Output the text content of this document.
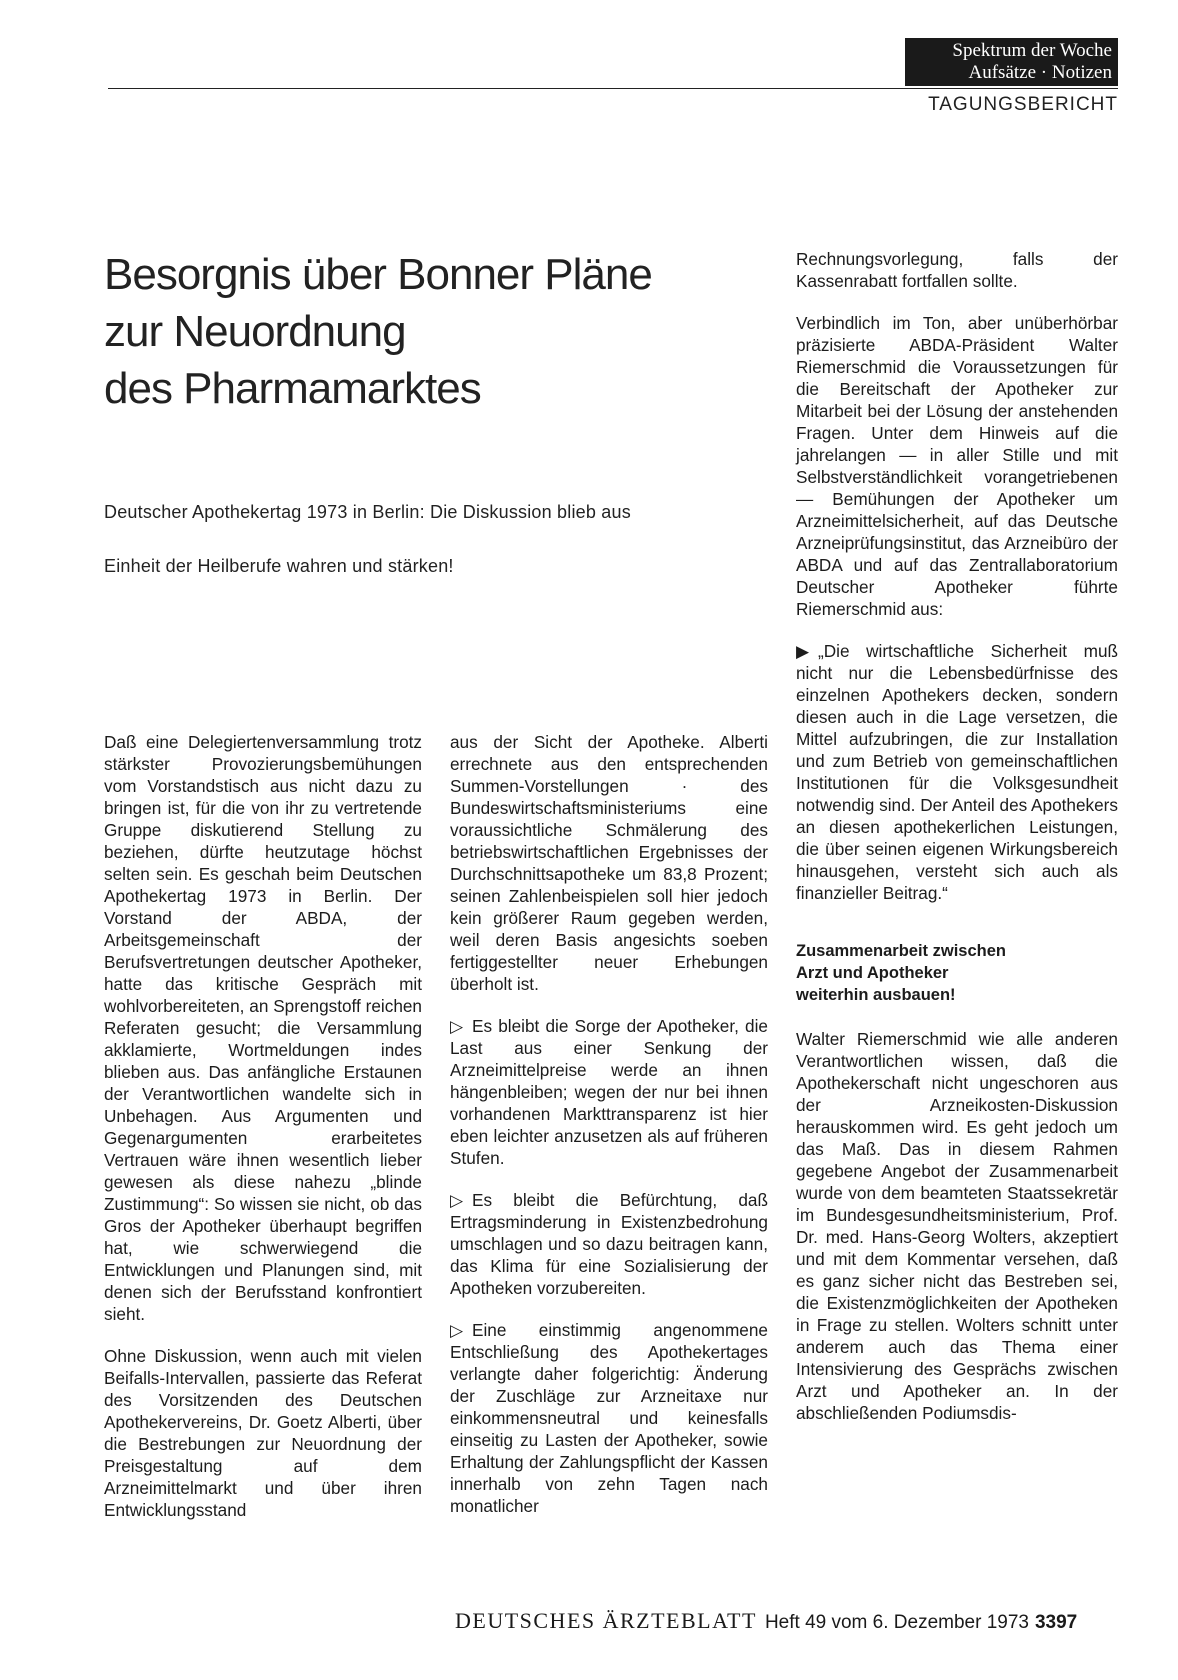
Spektrum der Woche
Aufsätze · Notizen
TAGUNGSBERICHT
Besorgnis über Bonner Pläne
zur Neuordnung
des Pharmamarktes
Deutscher Apothekertag 1973 in Berlin: Die Diskussion blieb aus
Einheit der Heilberufe wahren und stärken!

Daß eine Delegiertenversammlung trotz stärkster Provozierungsbemühungen vom Vorstandstisch aus nicht dazu zu bringen ist, für die von ihr zu vertretende Gruppe diskutierend Stellung zu beziehen, dürfte heutzutage höchst selten sein. Es geschah beim Deutschen Apothekertag 1973 in Berlin. Der Vorstand der ABDA, der Arbeitsgemeinschaft der Berufsvertretungen deutscher Apotheker, hatte das kritische Gespräch mit wohlvorbereiteten, an Sprengstoff reichen Referaten gesucht; die Versammlung akklamierte, Wortmeldungen indes blieben aus. Das anfängliche Erstaunen der Verantwortlichen wandelte sich in Unbehagen. Aus Argumenten und Gegenargumenten erarbeitetes Vertrauen wäre ihnen wesentlich lieber gewesen als diese nahezu „blinde Zustimmung“: So wissen sie nicht, ob das Gros der Apotheker überhaupt begriffen hat, wie schwerwiegend die Entwicklungen und Planungen sind, mit denen sich der Berufsstand konfrontiert sieht.

Ohne Diskussion, wenn auch mit vielen Beifalls-Intervallen, passierte das Referat des Vorsitzenden des Deutschen Apothekervereins, Dr. Goetz Alberti, über die Bestrebungen zur Neuordnung der Preisgestaltung auf dem Arzneimittelmarkt und über ihren Entwicklungsstand

aus der Sicht der Apotheke. Alberti errechnete aus den entsprechenden Summen-Vorstellungen · des Bundeswirtschaftsministeriums eine voraussichtliche Schmälerung des betriebswirtschaftlichen Ergebnisses der Durchschnittsapotheke um 83,8 Prozent; seinen Zahlenbeispielen soll hier jedoch kein größerer Raum gegeben werden, weil deren Basis angesichts soeben fertiggestellter neuer Erhebungen überholt ist.

▷ Es bleibt die Sorge der Apotheker, die Last aus einer Senkung der Arzneimittelpreise werde an ihnen hängenbleiben; wegen der nur bei ihnen vorhandenen Markttransparenz ist hier eben leichter anzusetzen als auf früheren Stufen.

▷ Es bleibt die Befürchtung, daß Ertragsminderung in Existenzbedrohung umschlagen und so dazu beitragen kann, das Klima für eine Sozialisierung der Apotheken vorzubereiten.

▷ Eine einstimmig angenommene Entschließung des Apothekertages verlangte daher folgerichtig: Änderung der Zuschläge zur Arzneitaxe nur einkommensneutral und keinesfalls einseitig zu Lasten der Apotheker, sowie Erhaltung der Zahlungspflicht der Kassen innerhalb von zehn Tagen nach monatlicher

Rechnungsvorlegung, falls der Kassenrabatt fortfallen sollte.

Verbindlich im Ton, aber unüberhörbar präzisierte ABDA-Präsident Walter Riemerschmid die Voraussetzungen für die Bereitschaft der Apotheker zur Mitarbeit bei der Lösung der anstehenden Fragen. Unter dem Hinweis auf die jahrelangen — in aller Stille und mit Selbstverständlichkeit vorangetriebenen — Bemühungen der Apotheker um Arzneimittelsicherheit, auf das Deutsche Arzneiprüfungsinstitut, das Arzneibüro der ABDA und auf das Zentrallaboratorium Deutscher Apotheker führte Riemerschmid aus:

▶ „Die wirtschaftliche Sicherheit muß nicht nur die Lebensbedürfnisse des einzelnen Apothekers decken, sondern diesen auch in die Lage versetzen, die Mittel aufzubringen, die zur Installation und zum Betrieb von gemeinschaftlichen Institutionen für die Volksgesundheit notwendig sind. Der Anteil des Apothekers an diesen apothekerlichen Leistungen, die über seinen eigenen Wirkungsbereich hinausgehen, versteht sich auch als finanzieller Beitrag.“

Zusammenarbeit zwischen
Arzt und Apotheker
weiterhin ausbauen!

Walter Riemerschmid wie alle anderen Verantwortlichen wissen, daß die Apothekerschaft nicht ungeschoren aus der Arzneikosten-Diskussion herauskommen wird. Es geht jedoch um das Maß. Das in diesem Rahmen gegebene Angebot der Zusammenarbeit wurde von dem beamteten Staatssekretär im Bundesgesundheitsministerium, Prof. Dr. med. Hans-Georg Wolters, akzeptiert und mit dem Kommentar versehen, daß es ganz sicher nicht das Bestreben sei, die Existenzmöglichkeiten der Apotheken in Frage zu stellen. Wolters schnitt unter anderem auch das Thema einer Intensivierung des Gesprächs zwischen Arzt und Apotheker an. In der abschließenden Podiumsdis-

DEUTSCHES ÄRZTEBLATT Heft 49 vom 6. Dezember 1973 3397
